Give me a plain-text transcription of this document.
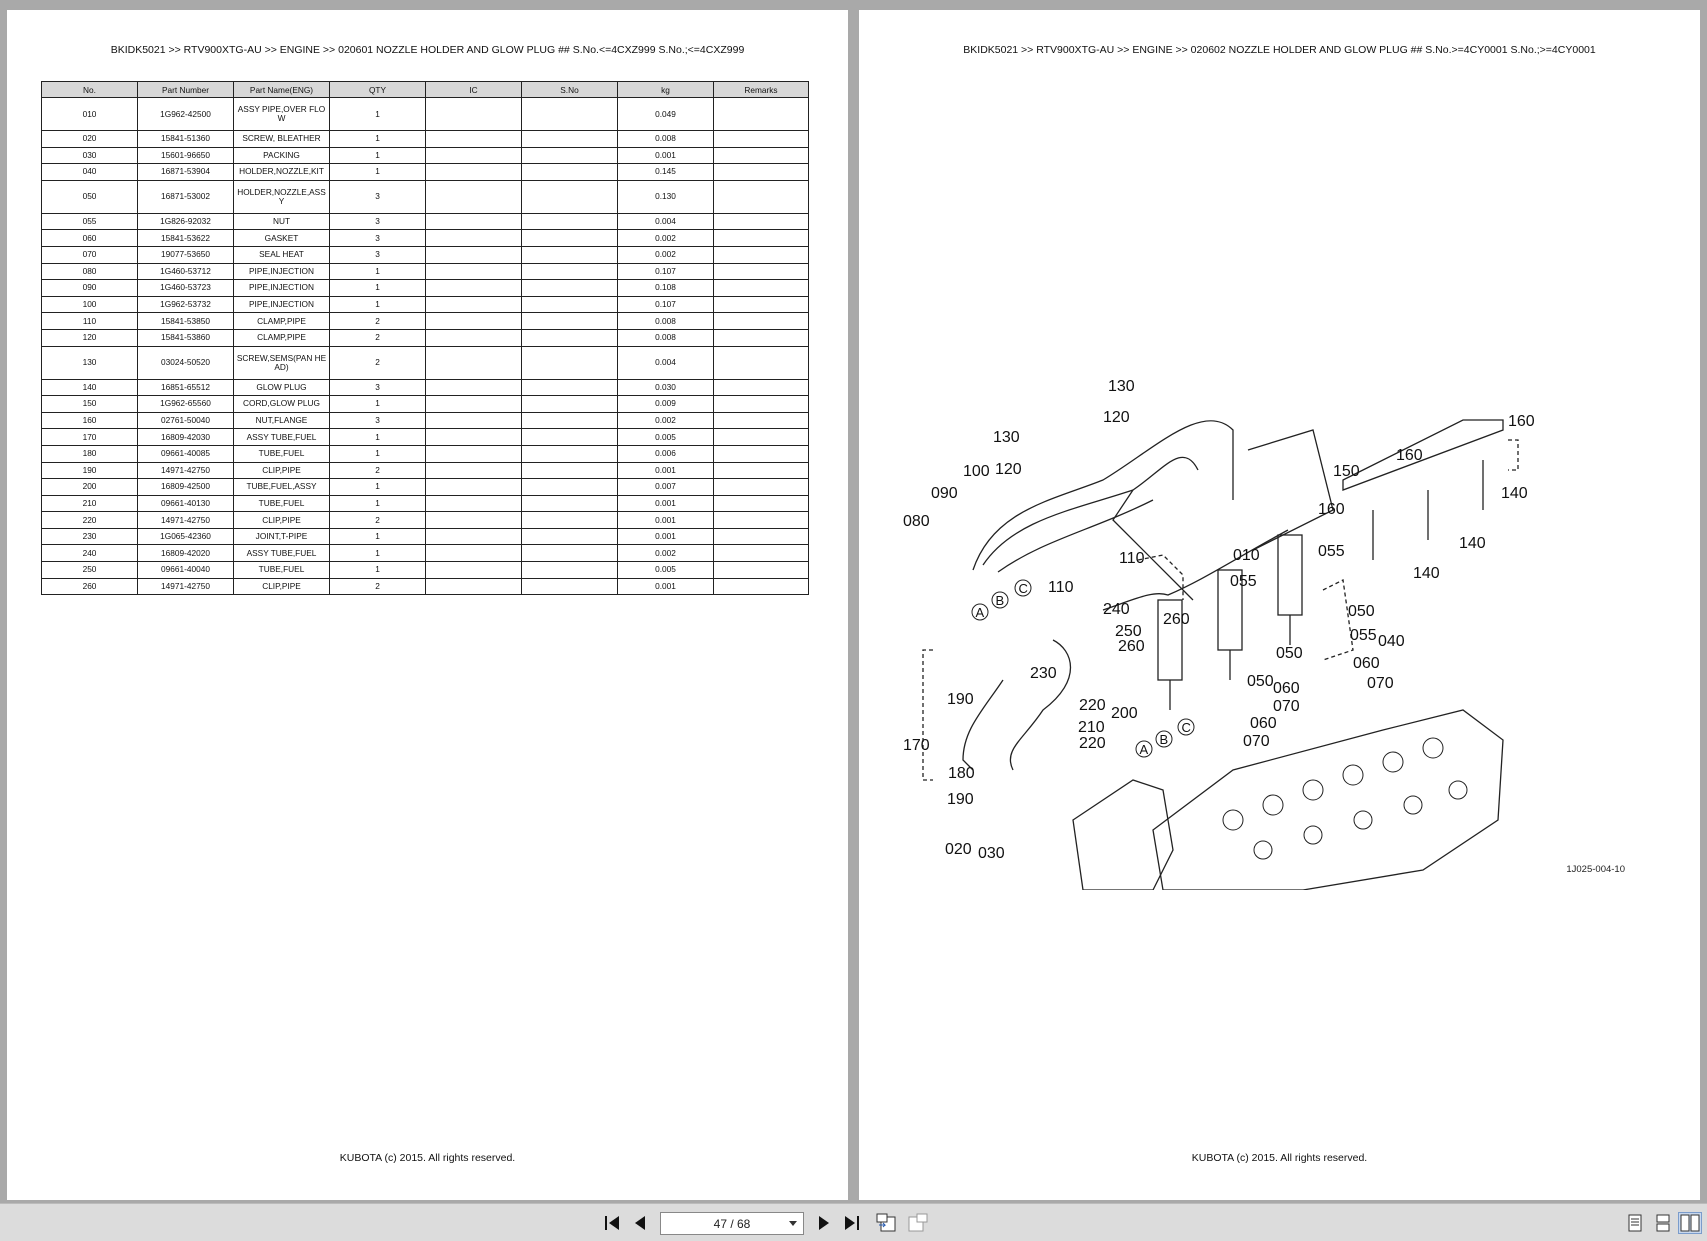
BKIDK5021 >> RTV900XTG-AU >> ENGINE >> 020601 NOZZLE HOLDER AND GLOW PLUG ## S.No.<=4CXZ999 S.No.;<=4CXZ999
No.	Part Number	Part Name(ENG)	QTY	IC	S.No	kg	Remarks
010	1G962-42500	ASSY PIPE,OVER FLOW	1			0.049	
020	15841-51360	SCREW, BLEATHER	1			0.008	
030	15601-96650	PACKING	1			0.001	
040	16871-53904	HOLDER,NOZZLE,KIT	1			0.145	
050	16871-53002	HOLDER,NOZZLE,ASSY	3			0.130	
055	1G826-92032	NUT	3			0.004	
060	15841-53622	GASKET	3			0.002	
070	19077-53650	SEAL HEAT	3			0.002	
080	1G460-53712	PIPE,INJECTION	1			0.107	
090	1G460-53723	PIPE,INJECTION	1			0.108	
100	1G962-53732	PIPE,INJECTION	1			0.107	
110	15841-53850	CLAMP,PIPE	2			0.008	
120	15841-53860	CLAMP,PIPE	2			0.008	
130	03024-50520	SCREW,SEMS(PAN HEAD)	2			0.004	
140	16851-65512	GLOW PLUG	3			0.030	
150	1G962-65560	CORD,GLOW PLUG	1			0.009	
160	02761-50040	NUT,FLANGE	3			0.002	
170	16809-42030	ASSY TUBE,FUEL	1			0.005	
180	09661-40085	TUBE,FUEL	1			0.006	
190	14971-42750	CLIP,PIPE	2			0.001	
200	16809-42500	TUBE,FUEL,ASSY	1			0.007	
210	09661-40130	TUBE,FUEL	1			0.001	
220	14971-42750	CLIP,PIPE	2			0.001	
230	1G065-42360	JOINT,T-PIPE	1			0.001	
240	16809-42020	ASSY TUBE,FUEL	1			0.002	
250	09661-40040	TUBE,FUEL	1			0.005	
260	14971-42750	CLIP,PIPE	2			0.001	
KUBOTA (c) 2015. All rights reserved.
BKIDK5021 >> RTV900XTG-AU >> ENGINE >> 020602 NOZZLE HOLDER AND GLOW PLUG ## S.No.>=4CY0001 S.No.;>=4CY0001
130
120
130
120
100
090
080
110
110	010
055
055
160
160
150
160
140
140
140
240
260
250
260	050
050
050
055 040
060
070
060
070
060
070
230
190	220 200
210
220
170
180
190
020 030
A
B
C
A
B
C
1J025-004-10
KUBOTA (c) 2015. All rights reserved.
47 / 68
